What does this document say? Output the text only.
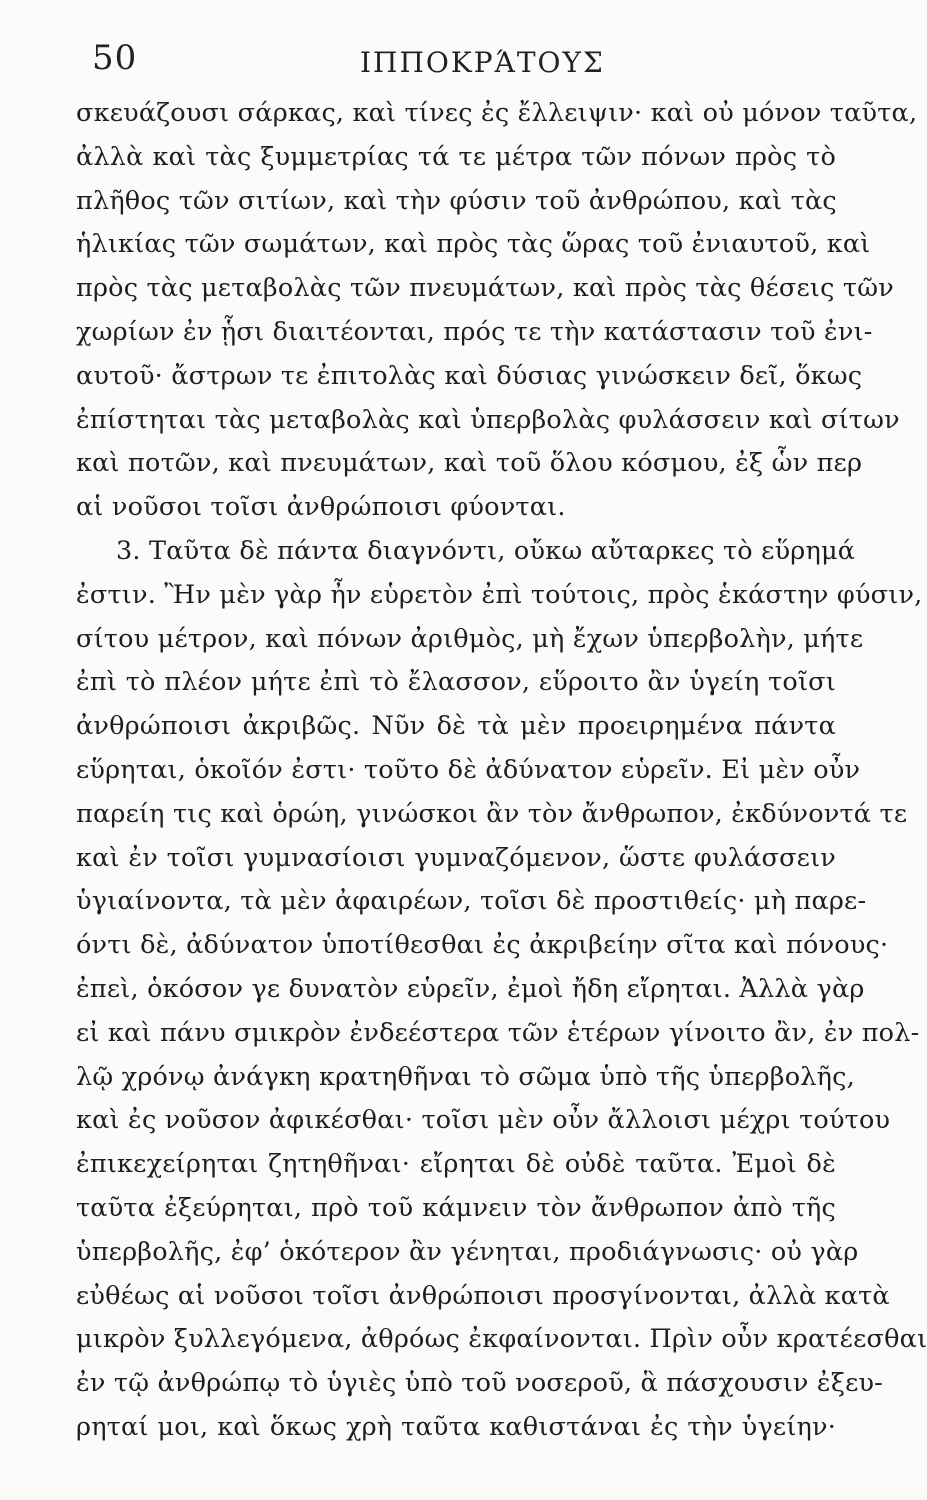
50	ΙΠΠΟΚΡΆΤΟΥΣ
σκευάζουσι σάρκας, καὶ τίνες ἐς ἔλλειψιν· καὶ οὐ μόνον ταῦτα,
ἀλλὰ καὶ τὰς ξυμμετρίας τά τε μέτρα τῶν πόνων πρὸς τὸ
πλῆθος τῶν σιτίων, καὶ τὴν φύσιν τοῦ ἀνθρώπου, καὶ τὰς
ἡλικίας τῶν σωμάτων, καὶ πρὸς τὰς ὥρας τοῦ ἐνιαυτοῦ, καὶ
πρὸς τὰς μεταβολὰς τῶν πνευμάτων, καὶ πρὸς τὰς θέσεις τῶν
χωρίων ἐν ᾗσι διαιτέονται, πρός τε τὴν κατάστασιν τοῦ ἐνι-
αυτοῦ· ἄστρων τε ἐπιτολὰς καὶ δύσιας γινώσκειν δεῖ, ὅκως
ἐπίστηται τὰς μεταβολὰς καὶ ὑπερβολὰς φυλάσσειν καὶ σίτων
καὶ ποτῶν, καὶ πνευμάτων, καὶ τοῦ ὅλου κόσμου, ἐξ ὧν περ
αἱ νοῦσοι τοῖσι ἀνθρώποισι φύονται.
3. Ταῦτα δὲ πάντα διαγνόντι, οὔκω αὔταρκες τὸ εὕρημά
ἐστιν. Ἢν μὲν γὰρ ἦν εὑρετὸν ἐπὶ τούτοις, πρὸς ἑκάστην φύσιν,
σίτου μέτρον, καὶ πόνων ἀριθμὸς, μὴ ἔχων ὑπερβολὴν, μήτε
ἐπὶ τὸ πλέον μήτε ἐπὶ τὸ ἔλασσον, εὕροιτο ἂν ὑγείη τοῖσι
ἀνθρώποισι ἀκριβῶς. Νῦν δὲ τὰ μὲν προειρημένα πάντα
εὕρηται, ὁκοῖόν ἐστι· τοῦτο δὲ ἀδύνατον εὑρεῖν. Εἰ μὲν οὖν
παρείη τις καὶ ὁρώη, γινώσκοι ἂν τὸν ἄνθρωπον, ἐκδύνοντά τε
καὶ ἐν τοῖσι γυμνασίοισι γυμναζόμενον, ὥστε φυλάσσειν
ὑγιαίνοντα, τὰ μὲν ἀφαιρέων, τοῖσι δὲ προστιθείς· μὴ παρε-
όντι δὲ, ἀδύνατον ὑποτίθεσθαι ἐς ἀκριβείην σῖτα καὶ πόνους·
ἐπεὶ, ὁκόσον γε δυνατὸν εὑρεῖν, ἐμοὶ ἤδη εἴρηται. Ἀλλὰ γὰρ
εἰ καὶ πάνυ σμικρὸν ἐνδεέστερα τῶν ἑτέρων γίνοιτο ἂν, ἐν πολ-
λῷ χρόνῳ ἀνάγκη κρατηθῆναι τὸ σῶμα ὑπὸ τῆς ὑπερβολῆς,
καὶ ἐς νοῦσον ἀφικέσθαι· τοῖσι μὲν οὖν ἄλλοισι μέχρι τούτου
ἐπικεχείρηται ζητηθῆναι· εἴρηται δὲ οὐδὲ ταῦτα. Ἐμοὶ δὲ
ταῦτα ἐξεύρηται, πρὸ τοῦ κάμνειν τὸν ἄνθρωπον ἀπὸ τῆς
ὑπερβολῆς, ἐφ’ ὁκότερον ἂν γένηται, προδιάγνωσις· οὐ γὰρ
εὐθέως αἱ νοῦσοι τοῖσι ἀνθρώποισι προσγίνονται, ἀλλὰ κατὰ
μικρὸν ξυλλεγόμενα, ἀθρόως ἐκφαίνονται. Πρὶν οὖν κρατέεσθαι
ἐν τῷ ἀνθρώπῳ τὸ ὑγιὲς ὑπὸ τοῦ νοσεροῦ, ἃ πάσχουσιν ἐξευ-
ρηταί μοι, καὶ ὅκως χρὴ ταῦτα καθιστάναι ἐς τὴν ὑγείην·
